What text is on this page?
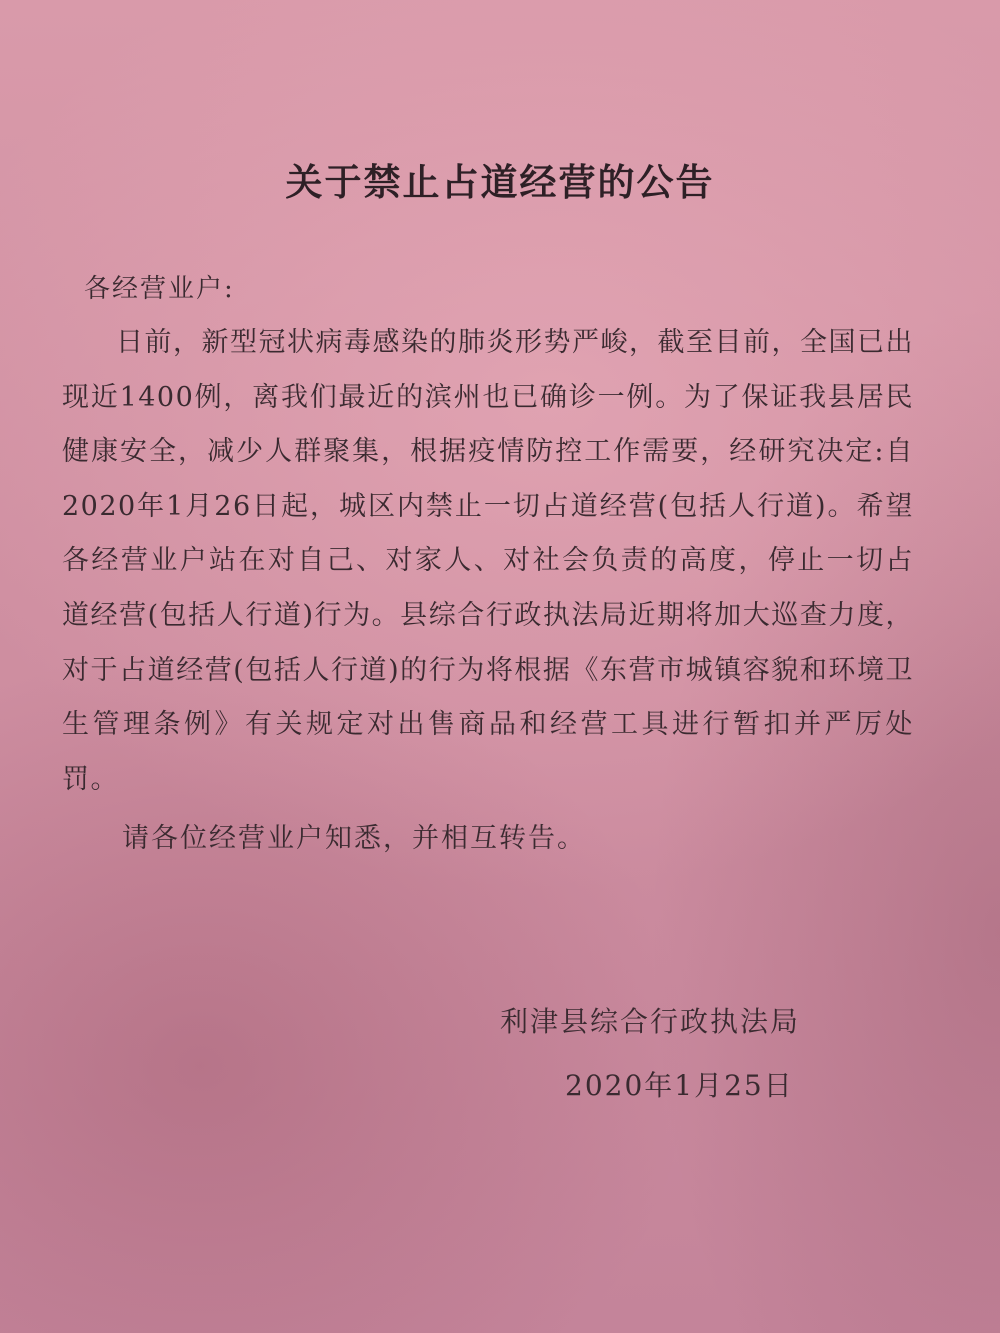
关于禁止占道经营的公告
各经营业户:

日前，新型冠状病毒感染的肺炎形势严峻，截至目前，全国已出现近1400例，离我们最近的滨州也已确诊一例。为了保证我县居民健康安全，减少人群聚集，根据疫情防控工作需要，经研究决定:自2020年1月26日起，城区内禁止一切占道经营(包括人行道)。希望各经营业户站在对自己、对家人、对社会负责的高度，停止一切占道经营(包括人行道)行为。县综合行政执法局近期将加大巡查力度，对于占道经营(包括人行道)的行为将根据《东营市城镇容貌和环境卫生管理条例》有关规定对出售商品和经营工具进行暂扣并严厉处罚。

请各位经营业户知悉，并相互转告。
利津县综合行政执法局
2020年1月25日
